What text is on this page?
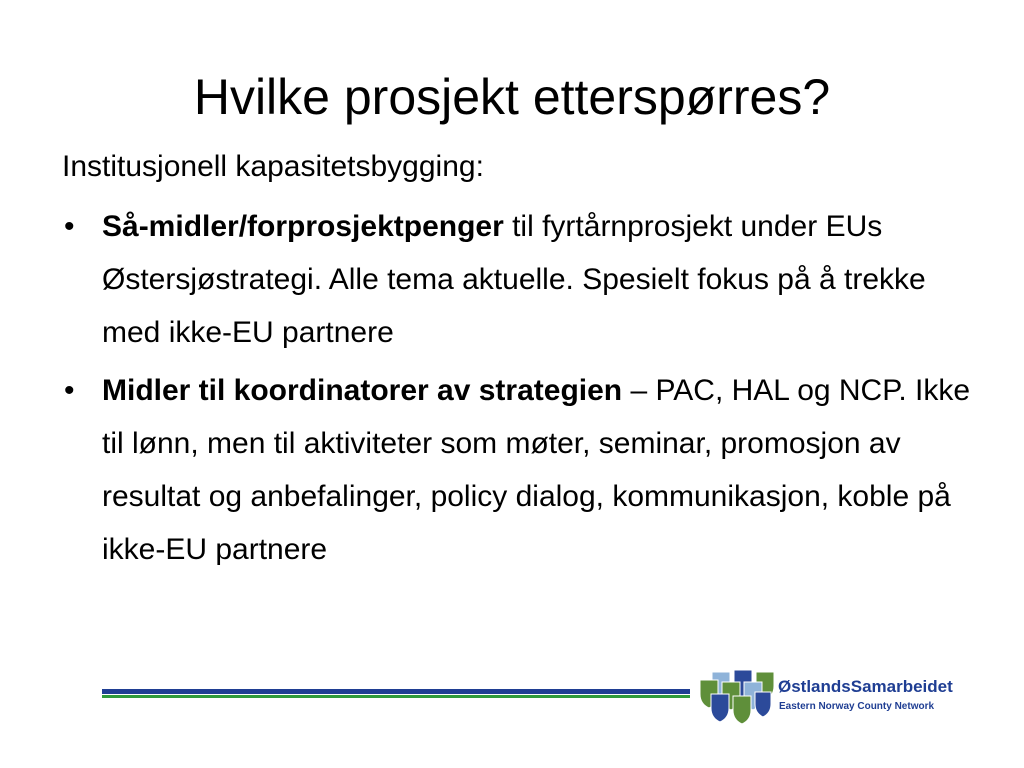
Hvilke prosjekt etterspørres?

Institusjonell kapasitetsbygging:

• Så-midler/forprosjektpenger til fyrtårnprosjekt under EUs Østersjøstrategi. Alle tema aktuelle. Spesielt fokus på å trekke med ikke-EU partnere
• Midler til koordinatorer av strategien – PAC, HAL og NCP. Ikke til lønn, men til aktiviteter som møter, seminar, promosjon av resultat og anbefalinger, policy dialog, kommunikasjon, koble på ikke-EU partnere
ØstlandsSamarbeidet
Eastern Norway County Network
